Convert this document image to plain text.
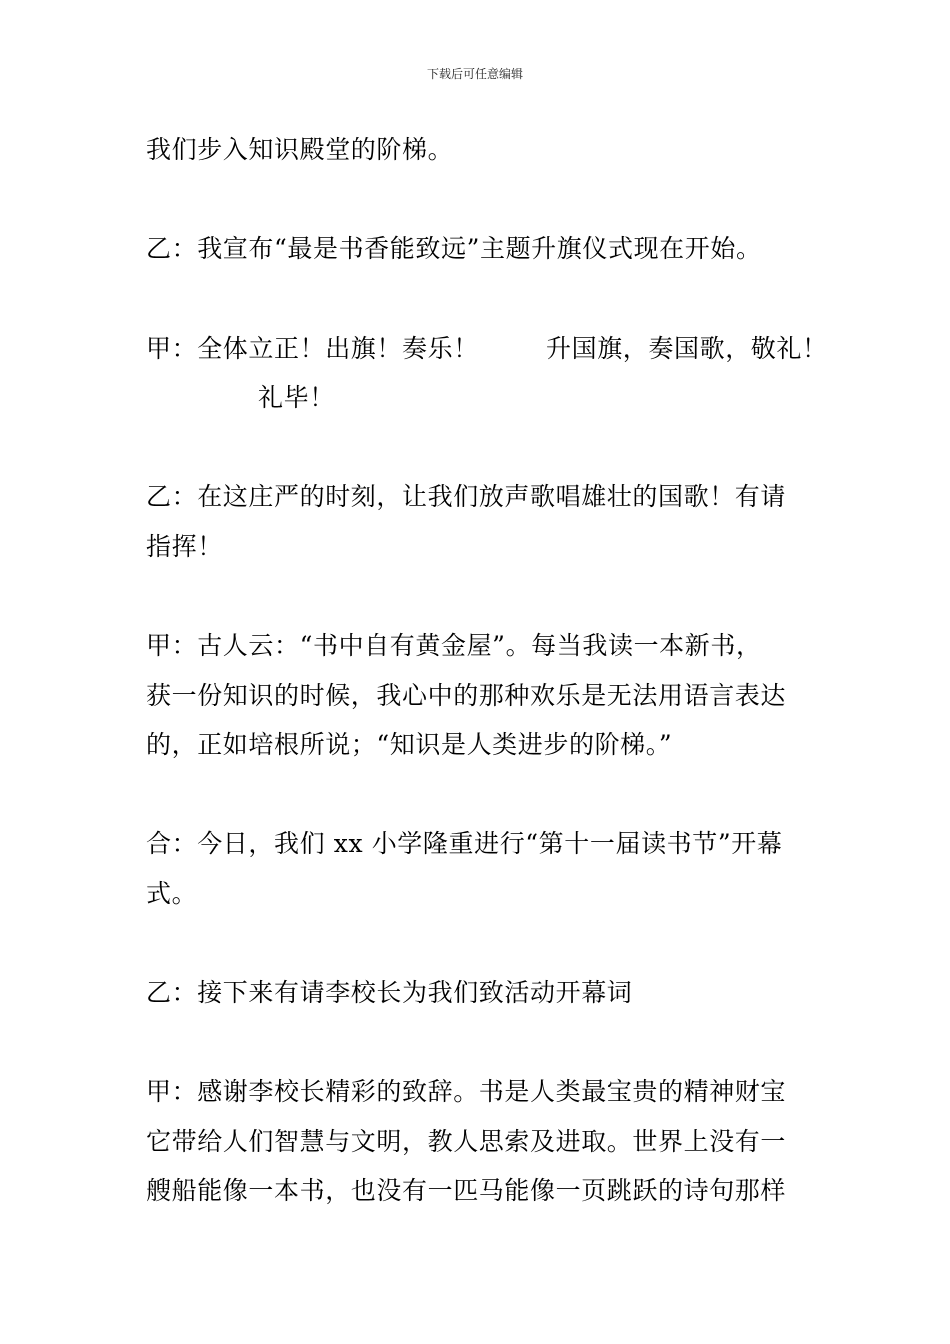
下载后可任意编辑
我们步入知识殿堂的阶梯。
乙：我宣布“最是书香能致远”主题升旗仪式现在开始。
甲：全体立正！出旗！奏乐！	升国旗，奏国歌，敬礼！
礼毕！
乙：在这庄严的时刻，让我们放声歌唱雄壮的国歌！有请
指挥！
甲：古人云：“书中自有黄金屋”。每当我读一本新书，
获一份知识的时候，我心中的那种欢乐是无法用语言表达
的，正如培根所说；“知识是人类进步的阶梯。”
合：今日，我们 xx 小学隆重进行“第十一届读书节”开幕
式。
乙：接下来有请李校长为我们致活动开幕词
甲：感谢李校长精彩的致辞。书是人类最宝贵的精神财宝
它带给人们智慧与文明，教人思索及进取。世界上没有一
艘船能像一本书，也没有一匹马能像一页跳跃的诗句那样
